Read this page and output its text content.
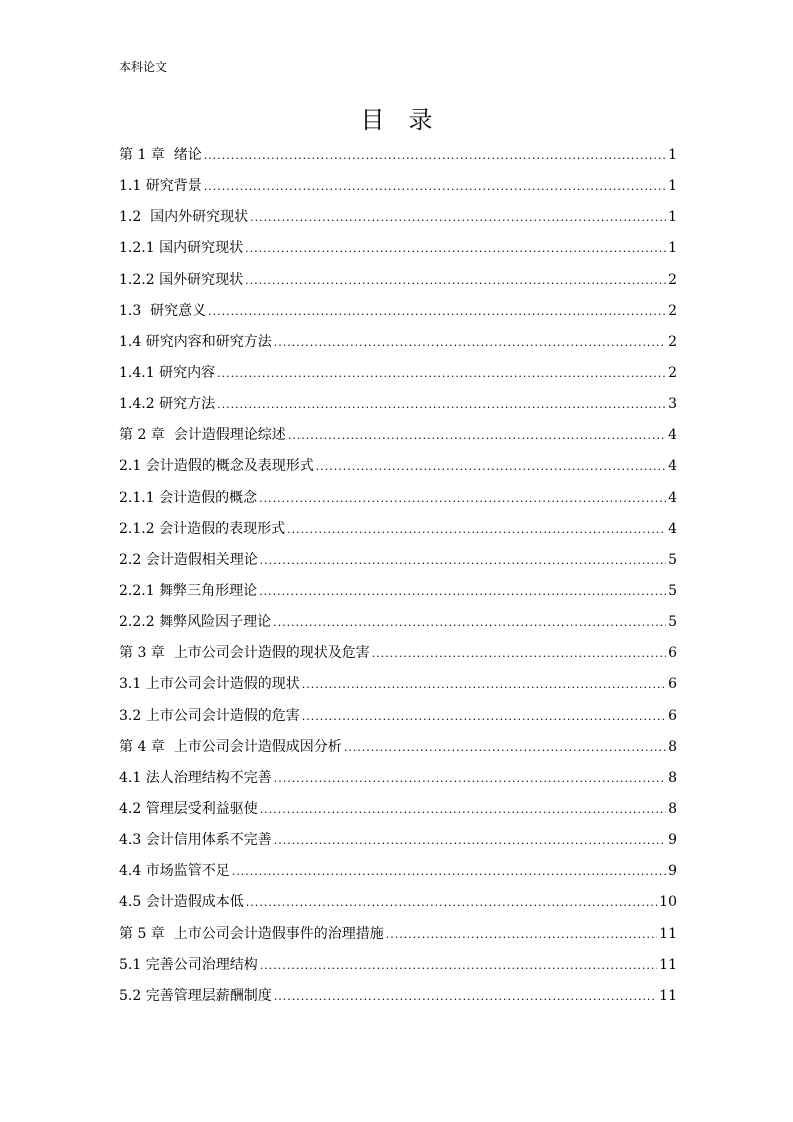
本科论文
目录
第 1 章  绪论 .....	1
1.1 研究背景 .....	1
1.2  国内外研究现状 .....	1
1.2.1 国内研究现状 .....	1
1.2.2 国外研究现状 .....	2
1.3  研究意义 .....	2
1.4 研究内容和研究方法 .....	2
1.4.1 研究内容 .....	2
1.4.2 研究方法 .....	3
第 2 章  会计造假理论综述 .....	4
2.1 会计造假的概念及表现形式 .....	4
2.1.1 会计造假的概念 .....	4
2.1.2 会计造假的表现形式 .....	4
2.2 会计造假相关理论 .....	5
2.2.1 舞弊三角形理论 .....	5
2.2.2 舞弊风险因子理论 .....	5
第 3 章  上市公司会计造假的现状及危害 .....	6
3.1 上市公司会计造假的现状 .....	6
3.2 上市公司会计造假的危害 .....	6
第 4 章  上市公司会计造假成因分析 .....	8
4.1 法人治理结构不完善 .....	8
4.2 管理层受利益驱使 .....	8
4.3 会计信用体系不完善 .....	9
4.4 市场监管不足 .....	9
4.5 会计造假成本低 .....	10
第 5 章  上市公司会计造假事件的治理措施 .....	11
5.1 完善公司治理结构 .....	11
5.2 完善管理层薪酬制度 .....	11
